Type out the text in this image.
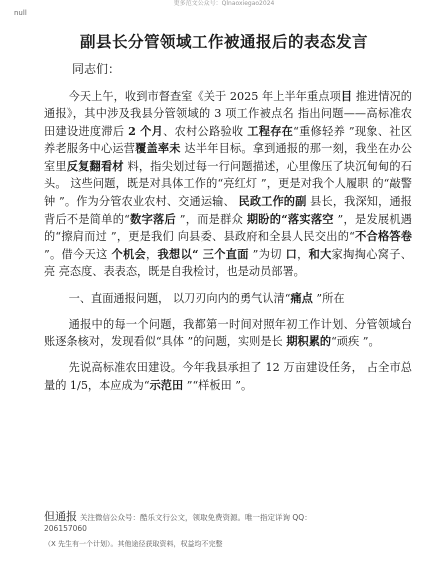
更多范文公众号：Qlnaoxiegao2024
null
副县长分管领域工作被通报后的表态发言
同志们：

今天上午，收到市督查室《关于 2025 年上半年重点项目 推进情况的通报》，其中涉及我县分管领域的 3 项工作被点名 指出问题——高标准农田建设进度滞后 2 个月、农村公路验收 工程存在“重修轻养 ”现象、社区养老服务中心运营覆盖率未 达半年目标。拿到通报的那一刻，我坐在办公室里反复翻看材 料，指尖划过每一行问题描述，心里像压了块沉甸甸的石头。 这些问题，既是对具体工作的“亮红灯 ”，更是对我个人履职 的“敲警钟 ”。作为分管农业农村、交通运输、 民政工作的副 县长，我深知，通报背后不是简单的“数字落后 ”，而是群众 期盼的“落实落空 ”，是发展机遇的“擦肩而过 ”，更是我们 向县委、县政府和全县人民交出的“不合格答卷 ”。借今天这 个机会，我想以“ 三个直面 ”为切 口，和大家掏掏心窝子、亮 亮态度、表表态，既是自我检讨，也是动员部署。

一、直面通报问题， 以刀刃向内的勇气认清“痛点 ”所在

通报中的每一个问题，我都第一时间对照年初工作计划、分管领域台账逐条核对，发现看似“具体 ”的问题，实则是长 期积累的“顽疾 ”。

先说高标准农田建设。今年我县承担了 12 万亩建设任务， 占全市总量的 1/5，本应成为“示范田 ”“样板田 ”。

但通报 关注微信公众号：酷乐文行公文，领取免费资源。唯一指定详询 QQ：
206157060
（X 先生有一个计划）。其他途径获取资料，权益均不完整
